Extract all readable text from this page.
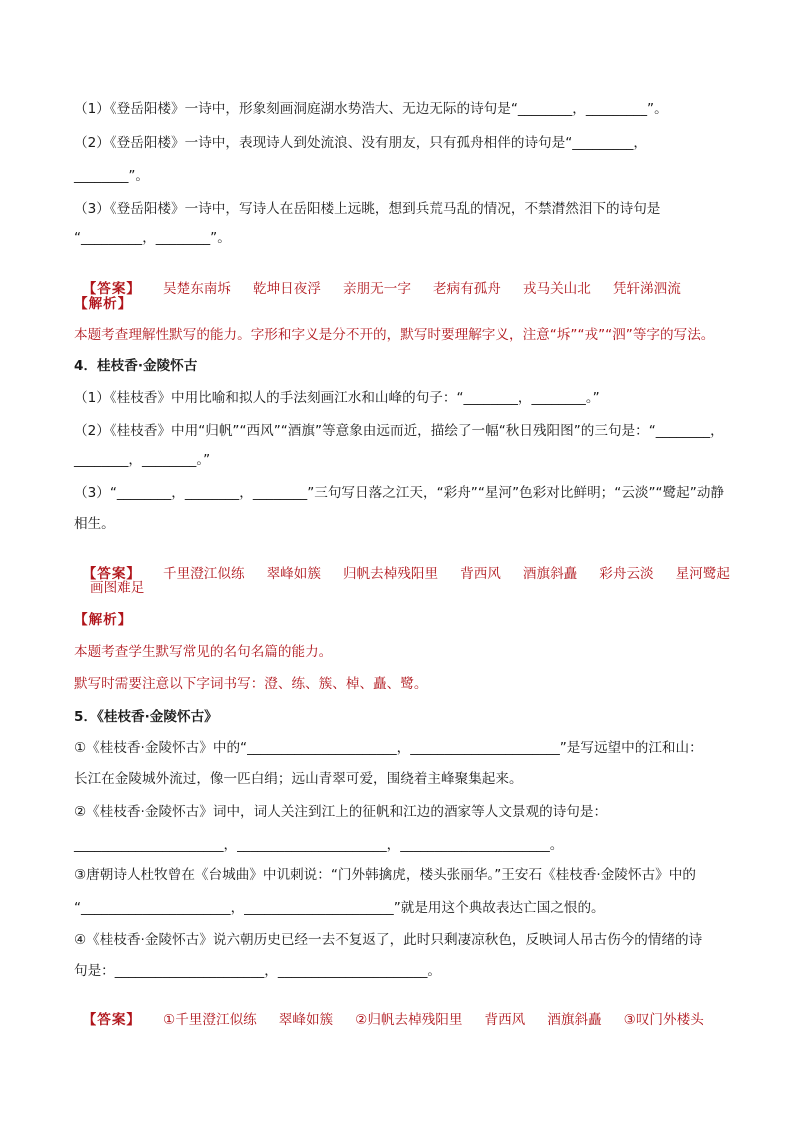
（1）《登岳阳楼》一诗中，形象刻画洞庭湖水势浩大、无边无际的诗句是“________，_________”。
（2）《登岳阳楼》一诗中，表现诗人到处流浪、没有朋友，只有孤舟相伴的诗句是“_________，
________”。
（3）《登岳阳楼》一诗中，写诗人在岳阳楼上远眺，想到兵荒马乱的情况，不禁潸然泪下的诗句是
“_________，________”。

【答案】 吴楚东南坼 乾坤日夜浮 亲朋无一字 老病有孤舟 戎马关山北 凭轩涕泗流

【解析】
本题考查理解性默写的能力。字形和字义是分不开的，默写时要理解字义，注意“坼”“戎”“泗”等字的写法。
4．桂枝香·金陵怀古
（1）《桂枝香》中用比喻和拟人的手法刻画江水和山峰的句子：“________，________。”
（2）《桂枝香》中用“归帆”“西风”“酒旗”等意象由远而近，描绘了一幅“秋日残阳图”的三句是：“________，
________，________。”
（3）“________，________，________”三句写日落之江天，“彩舟”“星河”色彩对比鲜明；“云淡”“鹭起”动静
相生。

【答案】 千里澄江似练 翠峰如簇 归帆去棹残阳里 背西风 酒旗斜矗 彩舟云淡 星河鹭起

画图难足
【解析】
本题考查学生默写常见的名句名篇的能力。
默写时需要注意以下字词书写：澄、练、簇、棹、矗、鹭。
5．《桂枝香·金陵怀古》
①《桂枝香·金陵怀古》中的“______________________，______________________”是写远望中的江和山：
长江在金陵城外流过，像一匹白绢；远山青翠可爱，围绕着主峰聚集起来。
②《桂枝香·金陵怀古》词中，词人关注到江上的征帆和江边的酒家等人文景观的诗句是：
______________________，______________________，______________________。
③唐朝诗人杜牧曾在《台城曲》中讥刺说：“门外韩擒虎，楼头张丽华。”王安石《桂枝香·金陵怀古》中的
“______________________，______________________”就是用这个典故表达亡国之恨的。
④《桂枝香·金陵怀古》说六朝历史已经一去不复返了，此时只剩凄凉秋色，反映词人吊古伤今的情绪的诗
句是：______________________，______________________。

【答案】 ①千里澄江似练 翠峰如簇 ②归帆去棹残阳里 背西风 酒旗斜矗 ③叹门外楼头
